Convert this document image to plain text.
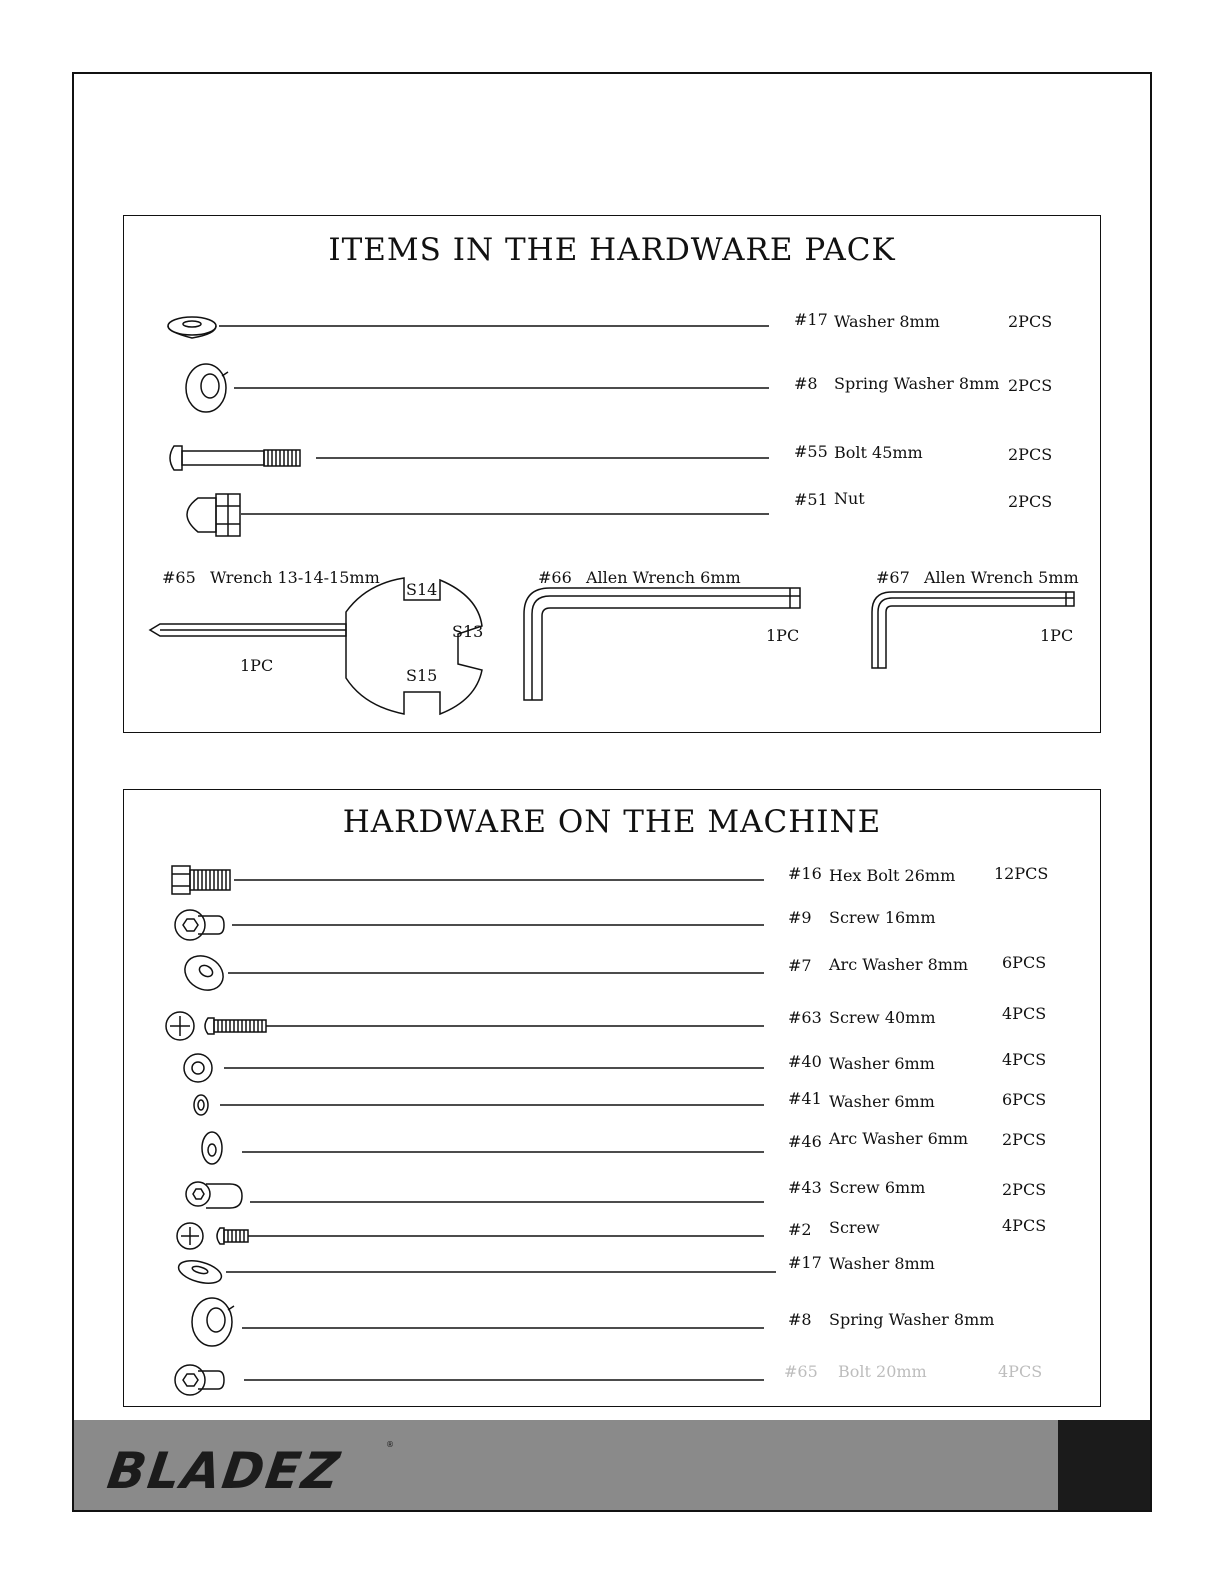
ITEMS IN THE HARDWARE PACK
#17 Washer 8mm	2PCS
#8 Spring Washer 8mm 2PCS
#55 Bolt 45mm	2PCS
#51 Nut	2PCS
#65 Wrench 13-14-15mm
1PC
S14
S13
S15
#66 Allen Wrench 6mm
1PC
#67 Allen Wrench 5mm
1PC
HARDWARE ON THE MACHINE
#16 Hex Bolt 26mm 12PCS
#9 Screw 16mm
#7 Arc Washer 8mm 6PCS
#63 Screw 40mm	4PCS
#40 Washer 6mm	4PCS
#41 Washer 6mm	6PCS
#46 Arc Washer 6mm 2PCS
#43 Screw 6mm	2PCS
#2 Screw	4PCS
#17 Washer 8mm
#8 Spring Washer 8mm
#65 Bolt 20mm	4PCS
BLADEZ	®
